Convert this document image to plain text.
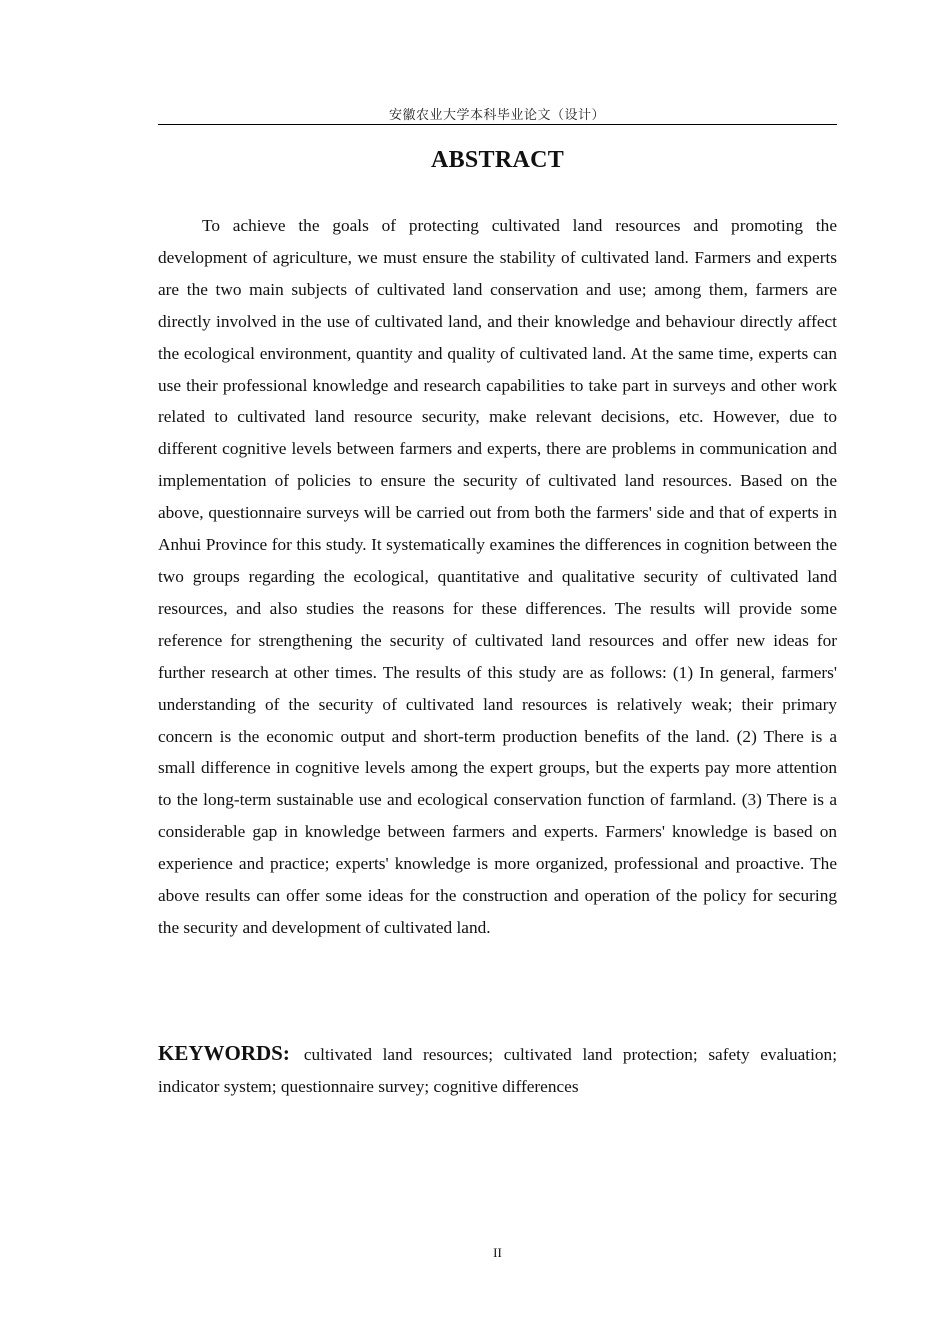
安徽农业大学本科毕业论文（设计）
ABSTRACT

To achieve the goals of protecting cultivated land resources and promoting the development of agriculture, we must ensure the stability of cultivated land. Farmers and experts are the two main subjects of cultivated land conservation and use; among them, farmers are directly involved in the use of cultivated land, and their knowledge and behaviour directly affect the ecological environment, quantity and quality of cultivated land. At the same time, experts can use their professional knowledge and research capabilities to take part in surveys and other work related to cultivated land resource security, make relevant decisions, etc. However, due to different cognitive levels between farmers and experts, there are problems in communication and implementation of policies to ensure the security of cultivated land resources. Based on the above, questionnaire surveys will be carried out from both the farmers' side and that of experts in Anhui Province for this study. It systematically examines the differences in cognition between the two groups regarding the ecological, quantitative and qualitative security of cultivated land resources, and also studies the reasons for these differences. The results will provide some reference for strengthening the security of cultivated land resources and offer new ideas for further research at other times. The results of this study are as follows: (1) In general, farmers' understanding of the security of cultivated land resources is relatively weak; their primary concern is the economic output and short-term production benefits of the land. (2) There is a small difference in cognitive levels among the expert groups, but the experts pay more attention to the long-term sustainable use and ecological conservation function of farmland. (3) There is a considerable gap in knowledge between farmers and experts. Farmers' knowledge is based on experience and practice; experts' knowledge is more organized, professional and proactive. The above results can offer some ideas for the construction and operation of the policy for securing the security and development of cultivated land.

KEYWORDS: cultivated land resources; cultivated land protection; safety evaluation; indicator system; questionnaire survey; cognitive differences

II
